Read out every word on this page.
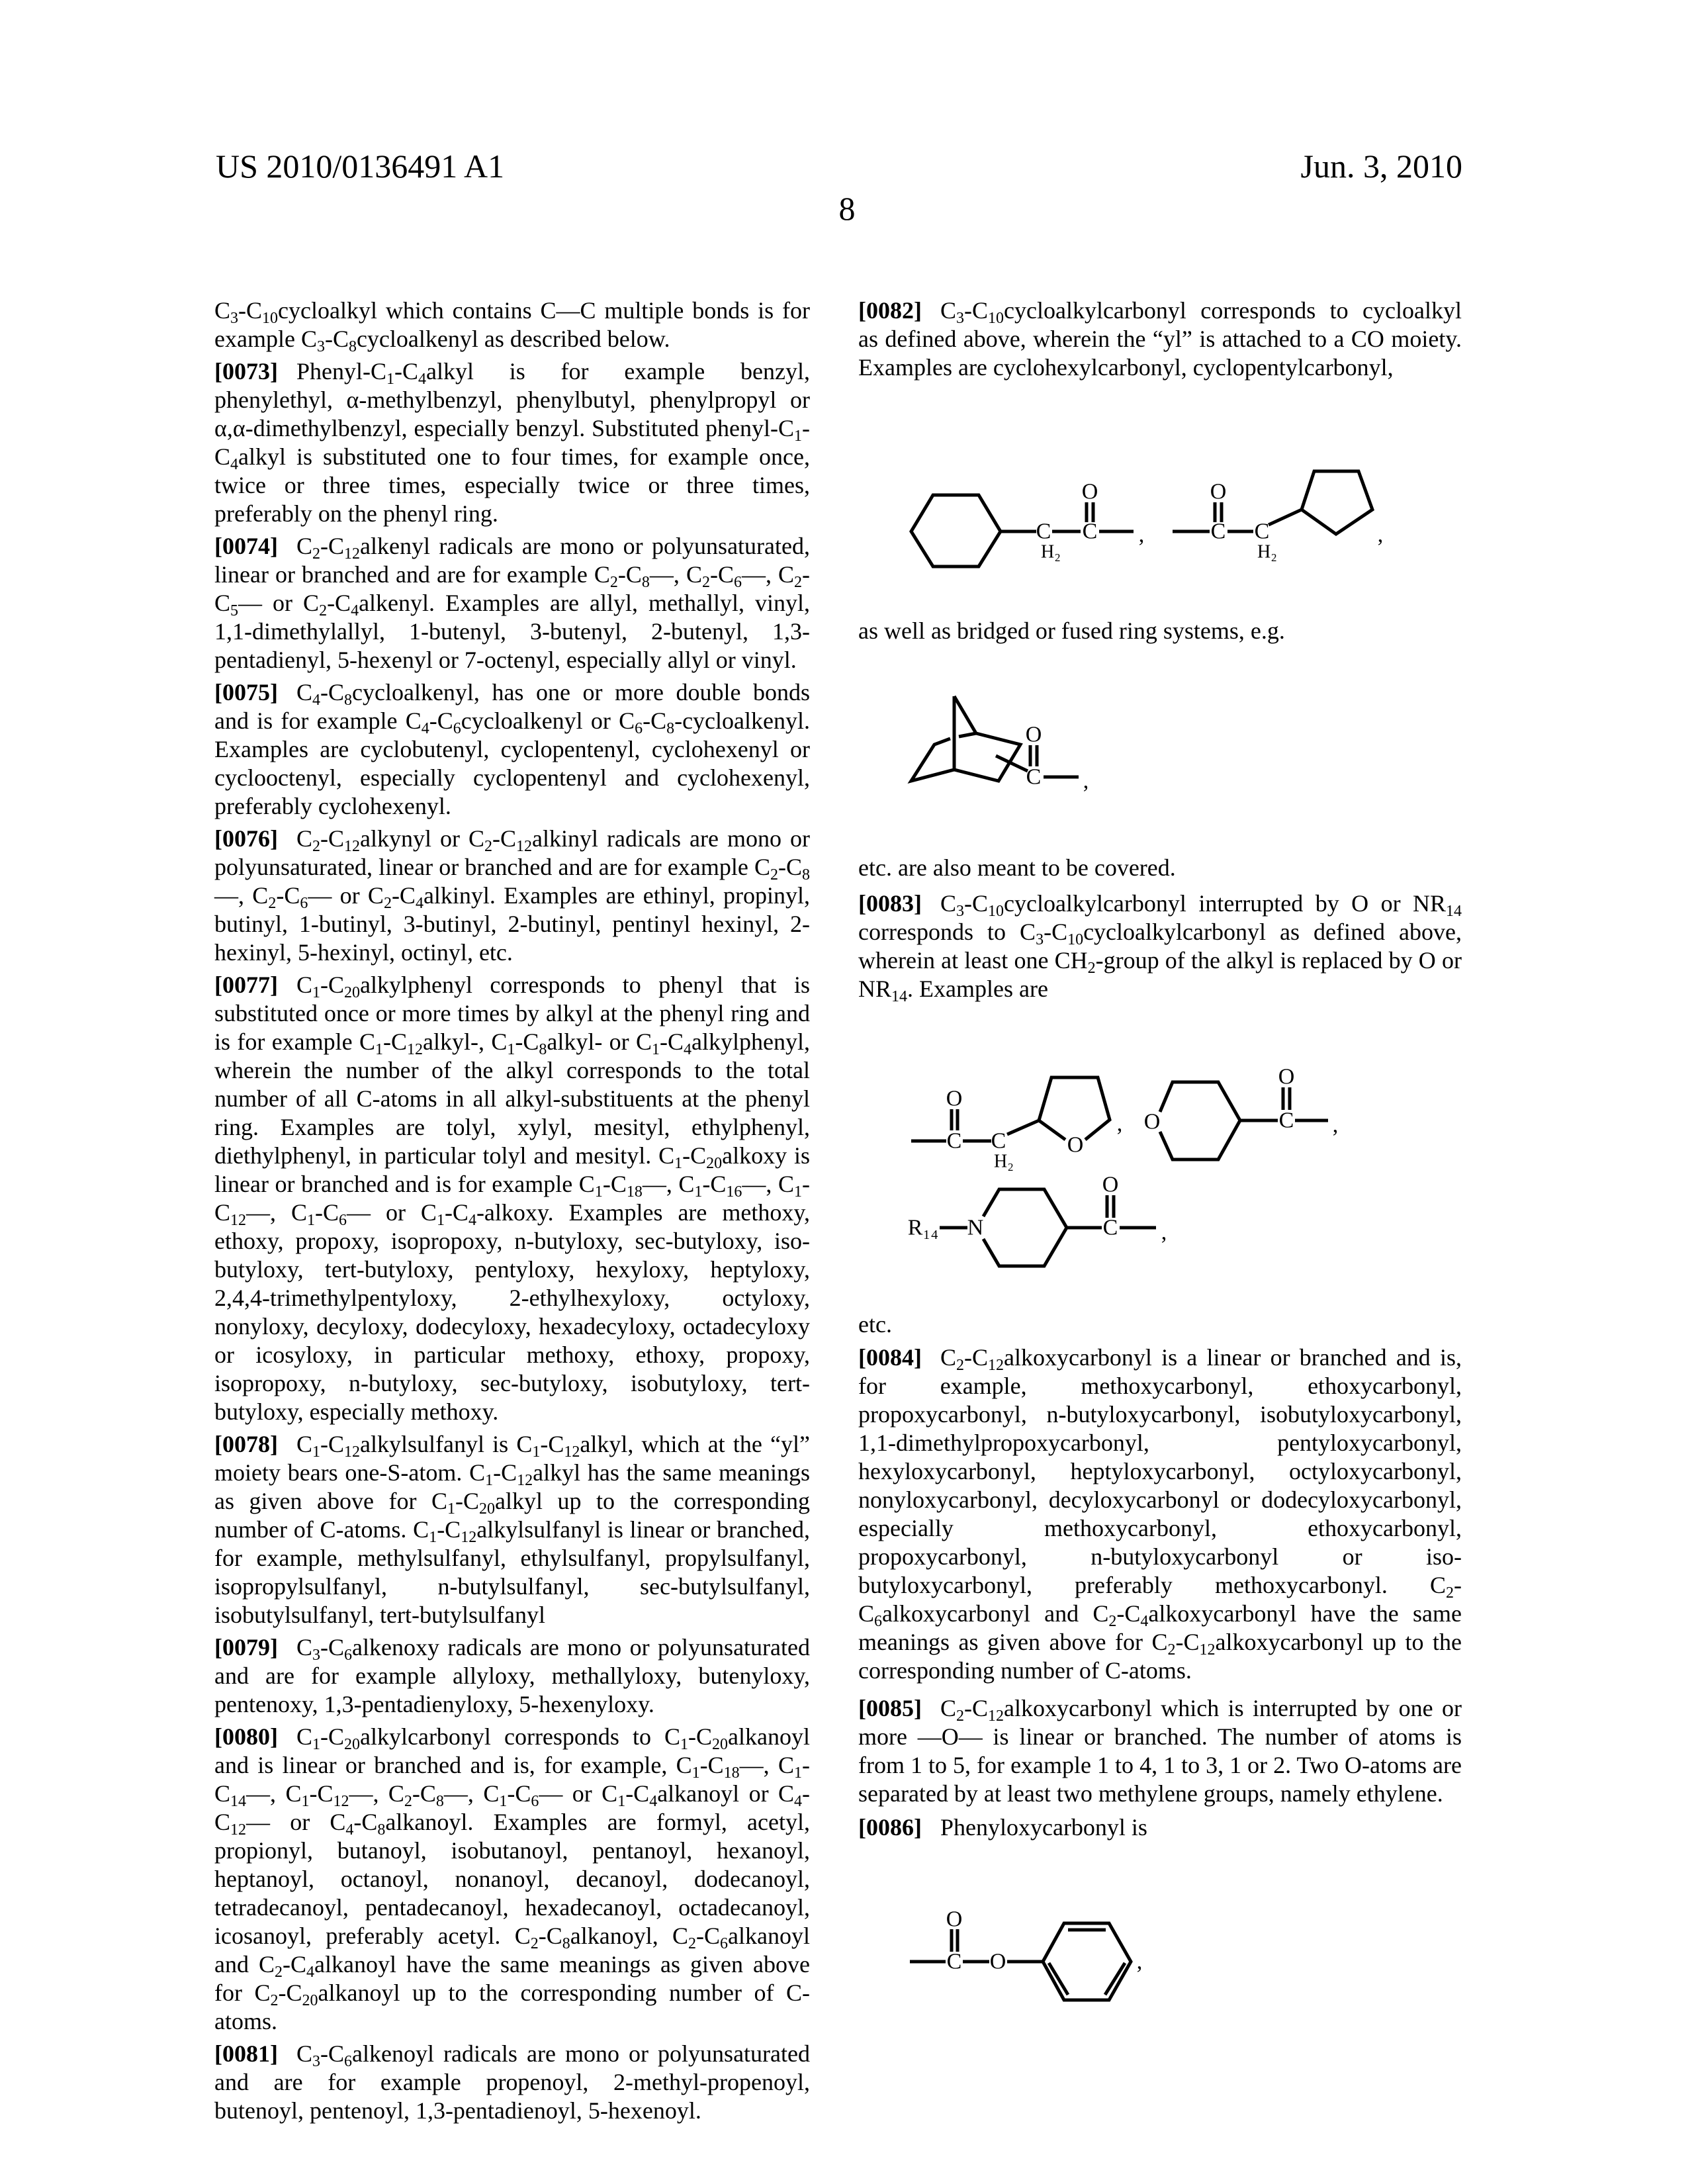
US 2010/0136491 A1	Jun. 3, 2010
8

C3-C10cycloalkyl which contains C—C multiple bonds is for example C3-C8cycloalkenyl as described below.

[0073] Phenyl-C1-C4alkyl is for example benzyl, phenylethyl, α-methylbenzyl, phenylbutyl, phenylpropyl or α,α-dimethylbenzyl, especially benzyl. Substituted phenyl-C1-C4alkyl is substituted one to four times, for example once, twice or three times, especially twice or three times, preferably on the phenyl ring.

[0074] C2-C12alkenyl radicals are mono or polyunsaturated, linear or branched and are for example C2-C8—, C2-C6—, C2-C5— or C2-C4alkenyl. Examples are allyl, methallyl, vinyl, 1,1-dimethylallyl, 1-butenyl, 3-butenyl, 2-butenyl, 1,3-pentadienyl, 5-hexenyl or 7-octenyl, especially allyl or vinyl.

[0075] C4-C8cycloalkenyl, has one or more double bonds and is for example C4-C6cycloalkenyl or C6-C8-cycloalkenyl. Examples are cyclobutenyl, cyclopentenyl, cyclohexenyl or cyclooctenyl, especially cyclopentenyl and cyclohexenyl, preferably cyclohexenyl.

[0076] C2-C12alkynyl or C2-C12alkinyl radicals are mono or polyunsaturated, linear or branched and are for example C2-C8—, C2-C6— or C2-C4alkinyl. Examples are ethinyl, propinyl, butinyl, 1-butinyl, 3-butinyl, 2-butinyl, pentinyl hexinyl, 2-hexinyl, 5-hexinyl, octinyl, etc.

[0077] C1-C20alkylphenyl corresponds to phenyl that is substituted once or more times by alkyl at the phenyl ring and is for example C1-C12alkyl-, C1-C8alkyl- or C1-C4alkylphenyl, wherein the number of the alkyl corresponds to the total number of all C-atoms in all alkyl-substituents at the phenyl ring. Examples are tolyl, xylyl, mesityl, ethylphenyl, diethylphenyl, in particular tolyl and mesityl. C1-C20alkoxy is linear or branched and is for example C1-C18—, C1-C16—, C1-C12—, C1-C6— or C1-C4-alkoxy. Examples are methoxy, ethoxy, propoxy, isopropoxy, n-butyloxy, sec-butyloxy, iso-butyloxy, tert-butyloxy, pentyloxy, hexyloxy, heptyloxy, 2,4,4-trimethylpentyloxy, 2-ethylhexyloxy, octyloxy, nonyloxy, decyloxy, dodecyloxy, hexadecyloxy, octadecyloxy or icosyloxy, in particular methoxy, ethoxy, propoxy, isopropoxy, n-butyloxy, sec-butyloxy, isobutyloxy, tert-butyloxy, especially methoxy.

[0078] C1-C12alkylsulfanyl is C1-C12alkyl, which at the “yl” moiety bears one-S-atom. C1-C12alkyl has the same meanings as given above for C1-C20alkyl up to the corresponding number of C-atoms. C1-C12alkylsulfanyl is linear or branched, for example, methylsulfanyl, ethylsulfanyl, propylsulfanyl, isopropylsulfanyl, n-butylsulfanyl, sec-butylsulfanyl, isobutylsulfanyl, tert-butylsulfanyl

[0079] C3-C6alkenoxy radicals are mono or polyunsaturated and are for example allyloxy, methallyloxy, butenyloxy, pentenoxy, 1,3-pentadienyloxy, 5-hexenyloxy.

[0080] C1-C20alkylcarbonyl corresponds to C1-C20alkanoyl and is linear or branched and is, for example, C1-C18—, C1-C14—, C1-C12—, C2-C8—, C1-C6— or C1-C4alkanoyl or C4-C12— or C4-C8alkanoyl. Examples are formyl, acetyl, propionyl, butanoyl, isobutanoyl, pentanoyl, hexanoyl, heptanoyl, octanoyl, nonanoyl, decanoyl, dodecanoyl, tetradecanoyl, pentadecanoyl, hexadecanoyl, octadecanoyl, icosanoyl, preferably acetyl. C2-C8alkanoyl, C2-C6alkanoyl and C2-C4alkanoyl have the same meanings as given above for C2-C20alkanoyl up to the corresponding number of C-atoms.

[0081] C3-C6alkenoyl radicals are mono or polyunsaturated and are for example propenoyl, 2-methyl-propenoyl, butenoyl, pentenoyl, 1,3-pentadienoyl, 5-hexenoyl.

[0082] C3-C10cycloalkylcarbonyl corresponds to cycloalkyl as defined above, wherein the “yl” is attached to a CO moiety. Examples are cyclohexylcarbonyl, cyclopentylcarbonyl,
as well as bridged or fused ring systems, e.g.
etc. are also meant to be covered.
[0083] C3-C10cycloalkylcarbonyl interrupted by O or NR14 corresponds to C3-C10cycloalkylcarbonyl as defined above, wherein at least one CH2-group of the alkyl is replaced by O or NR14. Examples are
etc.
[0084] C2-C12alkoxycarbonyl is a linear or branched and is, for example, methoxycarbonyl, ethoxycarbonyl, propoxycarbonyl, n-butyloxycarbonyl, isobutyloxycarbonyl, 1,1-dimethylpropoxycarbonyl, pentyloxycarbonyl, hexyloxycarbonyl, heptyloxycarbonyl, octyloxycarbonyl, nonyloxycarbonyl, decyloxycarbonyl or dodecyloxycarbonyl, especially methoxycarbonyl, ethoxycarbonyl, propoxycarbonyl, n-butyloxycarbonyl or iso-butyloxycarbonyl, preferably methoxycarbonyl. C2-C6alkoxycarbonyl and C2-C4alkoxycarbonyl have the same meanings as given above for C2-C12alkoxycarbonyl up to the corresponding number of C-atoms.
[0085] C2-C12alkoxycarbonyl which is interrupted by one or more —O— is linear or branched. The number of atoms is from 1 to 5, for example 1 to 4, 1 to 3, 1 or 2. Two O-atoms are separated by at least two methylene groups, namely ethylene.
[0086] Phenyloxycarbonyl is
C
H₂
C
O
,	C
O
C
H₂
,
C
O
,
C
O
C
H₂
O
, O	C
O
,
R₁₄ N	C
O
,
C
O
O	,
